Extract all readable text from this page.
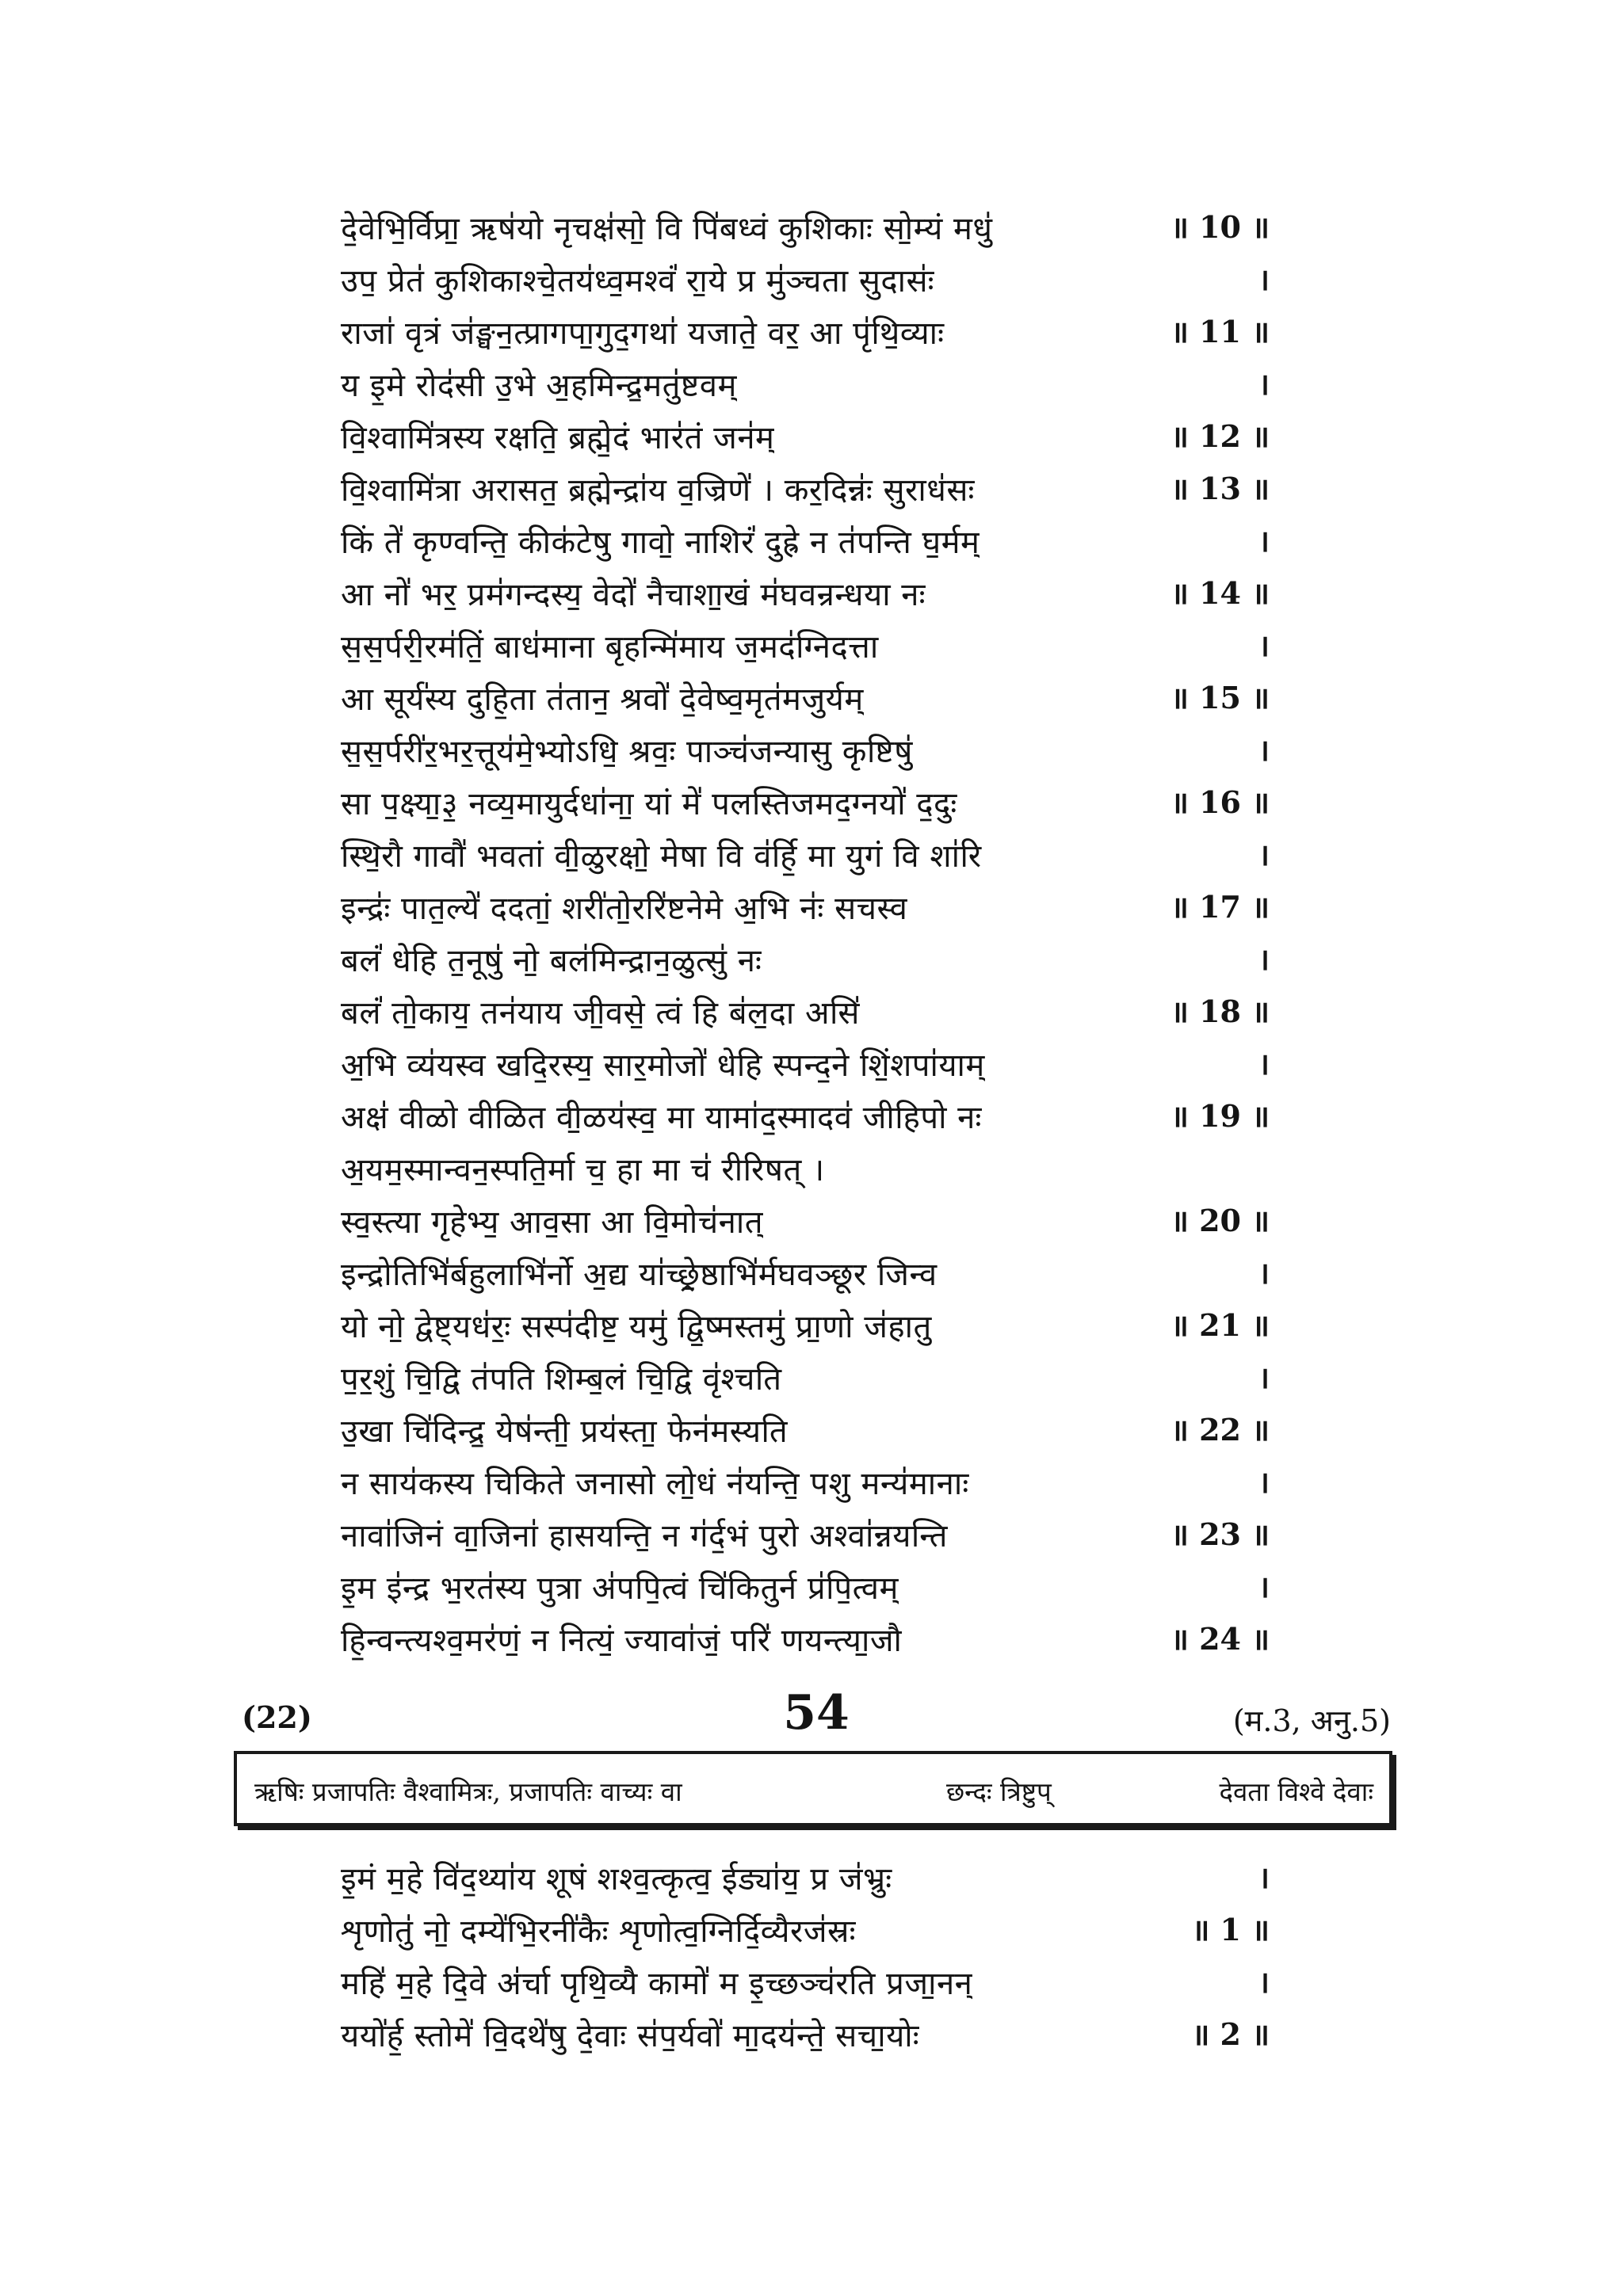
दे॒वेभि॒र्विप्रा॒ ऋष॑यो नृ॒चक्ष॑सो॒ वि पि॑बध्वं कुशिकाः सो॒म्यं मधु॑	॥ 10 ॥
उप॒ प्रेत॑ कुशिकाश्चे॒तय॑ध्व॒मश्वं॑ रा॒ये प्र मु॑ञ्चता सु॒दासः॑	।
राजा॑ वृ॒त्रं ज॑ङ्घन॒त्प्रागपा॒गुद॒गथा॑ यजाते॒ वर॒ आ पृ॑थि॒व्याः	॥ 11 ॥
य इ॒मे रोद॑सी उ॒भे अ॒हमिन्द्र॒मतु॑ष्टवम्	।
वि॒श्वामि॑त्रस्य रक्षति॒ ब्रह्मे॒दं भार॑तं जन॑म्	॥ 12 ॥
वि॒श्वामि॑त्रा अरासत॒ ब्रह्मेन्द्रा॑य व॒ज्रिणे॑ । कर॒दिन्नः॑ सु॒राध॑सः	॥ 13 ॥
किं ते॑ कृण्वन्ति॒ कीक॑टेषु॒ गावो॒ नाशिरं॑ दु॒ह्रे न त॑पन्ति घ॒र्मम्	।
आ नो॑ भर॒ प्रम॑गन्दस्य॒ वेदो॑ नैचाशा॒खं म॑घवन्रन्धया नः	॥ 14 ॥
स॒स॒र्परी॒रम॑तिं॒ बाध॑माना बृ॒हन्मि॑माय ज॒मद॑ग्निदत्ता	।
आ सूर्य॑स्य दुहि॒ता त॑तान॒ श्रवो॑ दे॒वेष्व॒मृत॑मजु॒र्यम्	॥ 15 ॥
स॒स॒र्परी॑र॒भर॒त्तूय॑मे॒भ्योऽधि॒ श्रवः॒ पाञ्च॑जन्यासु कृ॒ष्टिषु॑	।
सा प॒क्ष्या॒३॒ नव्य॒मायु॒र्दधा॑ना॒ यां मे॑ पलस्तिजमद॒ग्नयो॑ द॒दुः	॥ 16 ॥
स्थि॒रौ गावौ॑ भवतां वी॒ळुरक्षो॒ मेषा वि व॑र्हि॒ मा यु॒गं वि शा॑रि	।
इन्द्रः॑ पात॒ल्ये॑ ददतां॒ शरी॑तो॒ररि॑ष्टनेमे अ॒भि नः॑ सचस्व	॥ 17 ॥
बलं॑ धेहि त॒नूषु॑ नो॒ बल॑मिन्द्रान॒ळुत्सु॑ नः	।
बलं॑ तो॒काय॒ तन॑याय जी॒वसे॒ त्वं हि ब॑ल॒दा असि॑	॥ 18 ॥
अ॒भि व्य॑यस्व खदि॒रस्य॒ सार॒मोजो॑ धेहि स्पन्द॒ने शिं॒शपा॑याम्	।
अक्ष॑ वीळो वीळित वी॒ळय॑स्व॒ मा यामा॑द॒स्मादव॑ जीहिपो नः	॥ 19 ॥
अ॒यम॒स्मान्वन॒स्पति॒र्मा च॒ हा मा च॑ रीरिषत् ।
स्व॒स्त्या गृ॒हेभ्य॒ आव॒सा आ वि॒मोच॑नात्	॥ 20 ॥
इन्द्रो॒तिभि॑र्बहु॒लाभि॑र्नो अ॒द्य या॑च्छ्रे॒ष्ठाभि॑र्मघवञ्छूर जिन्व	।
यो नो॒ द्वेष्ट्यध॑रः॒ सस्प॑दीष्ट॒ यमु॑ द्वि॒ष्मस्तमु॑ प्रा॒णो ज॑हातु	॥ 21 ॥
प॒र॒शुं चि॒द्वि त॑पति शिम्ब॒लं चि॒द्वि वृ॑श्चति	।
उ॒खा चि॑दिन्द्र॒ येष॑न्ती॒ प्रय॑स्ता॒ फेन॑मस्यति	॥ 22 ॥
न साय॑कस्य चिकिते जनासो लो॒धं न॑यन्ति॒ पशु॒ मन्य॑मानाः	।
नावा॑जिनं वा॒जिना॑ हासयन्ति॒ न ग॑र्द॒भं पु॒रो अश्वा॑न्नयन्ति	॥ 23 ॥
इ॒म इ॑न्द्र भ॒रत॑स्य पु॒त्रा अ॑पपि॒त्वं चि॑कितु॒र्न प्र॑पि॒त्वम्	।
हि॒न्वन्त्यश्व॒मर॑णं॒ न नित्यं॒ ज्यावा॑जं॒ परि॑ णयन्त्या॒जौ	॥ 24 ॥
(22)	54	(म.3, अनु.5)
ऋषिः प्रजापतिः वैश्वामित्रः, प्रजापतिः वाच्यः वा	छन्दः त्रिष्टुप्	देवता विश्वे देवाः
इ॒मं म॒हे वि॑द॒थ्या॑य शू॒षं शश्व॒त्कृत्व॒ ईड्या॑य॒ प्र ज॑भ्रुः	।
शृ॒णोतु॑ नो॒ दम्ये॑भि॒रनी॑कैः शृ॒णोत्व॒ग्निर्दि॒व्यैरज॑स्रः	॥ 1 ॥
महि॑ म॒हे दि॒वे अ॑र्चा पृथि॒व्यै कामो॑ म इ॒च्छञ्च॑रति प्रजा॒नन्	।
ययो॑र्ह॒ स्तोमे॑ वि॒दथे॑षु दे॒वाः स॑प॒र्यवो॑ मा॒दय॑न्ते॒ सचा॒योः	॥ 2 ॥
